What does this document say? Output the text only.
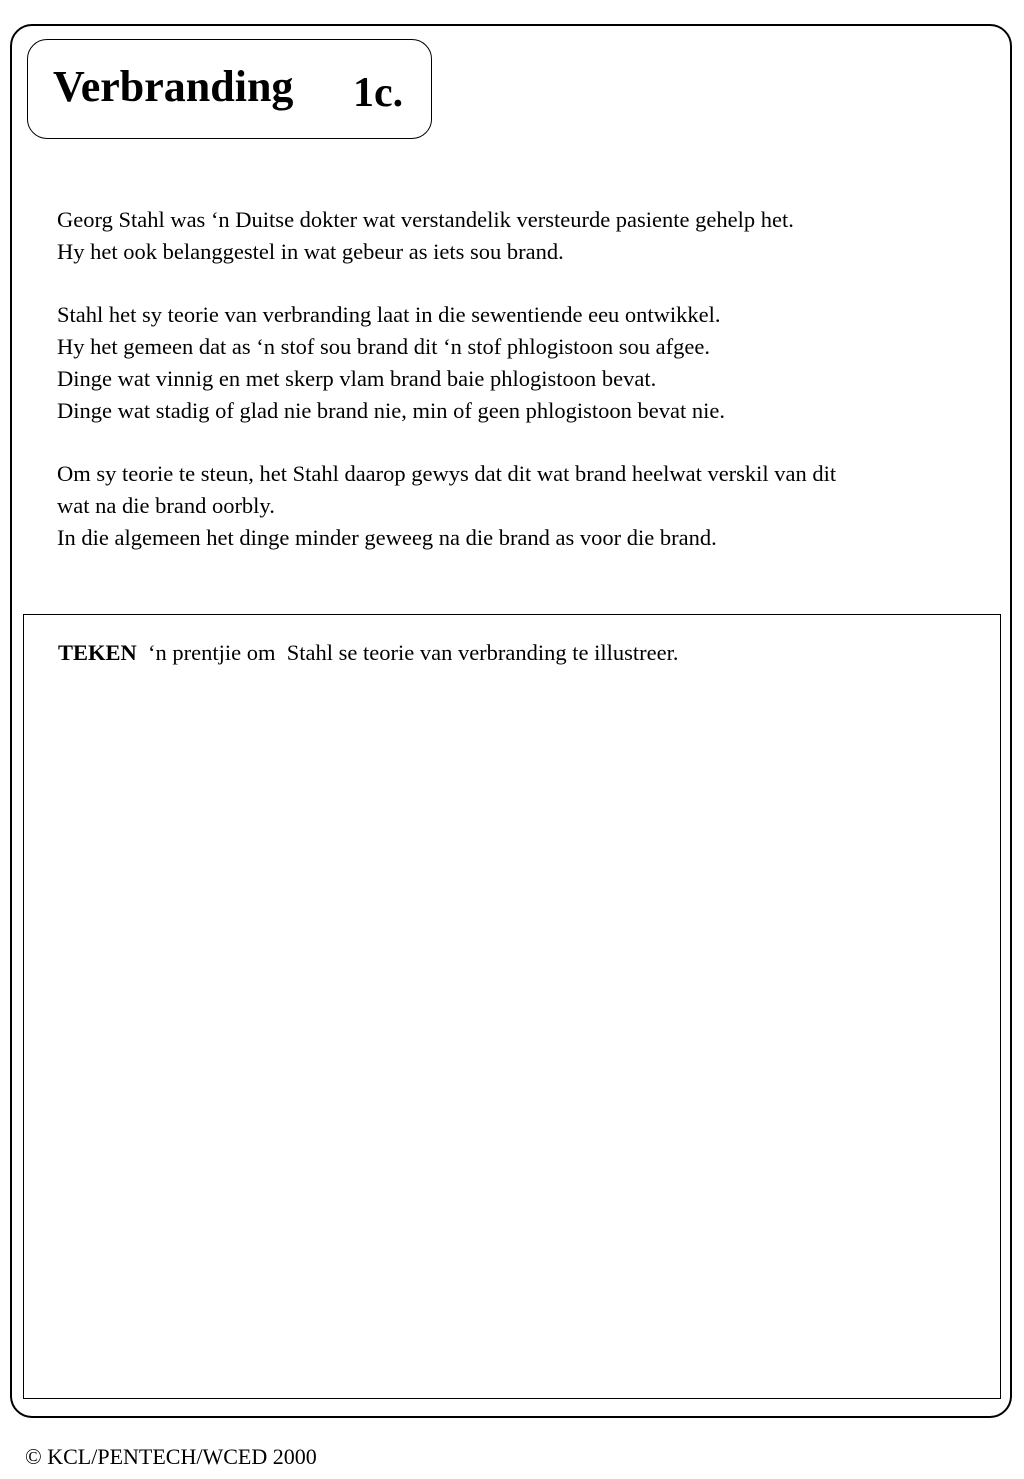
Verbranding 1c.

Georg Stahl was ‘n Duitse dokter wat verstandelik versteurde pasiente gehelp het.
Hy het ook belanggestel in wat gebeur as iets sou brand.

Stahl het sy teorie van verbranding laat in die sewentiende eeu ontwikkel.
Hy het gemeen dat as ‘n stof sou brand dit ‘n stof phlogistoon sou afgee.
Dinge wat vinnig en met skerp vlam brand baie phlogistoon bevat.
Dinge wat stadig of glad nie brand nie, min of geen phlogistoon bevat nie.

Om sy teorie te steun, het Stahl daarop gewys dat dit wat brand heelwat verskil van dit
wat na die brand oorbly.
In die algemeen het dinge minder geweeg na die brand as voor die brand.

TEKEN  ‘n prentjie om  Stahl se teorie van verbranding te illustreer.
© KCL/PENTECH/WCED 2000
